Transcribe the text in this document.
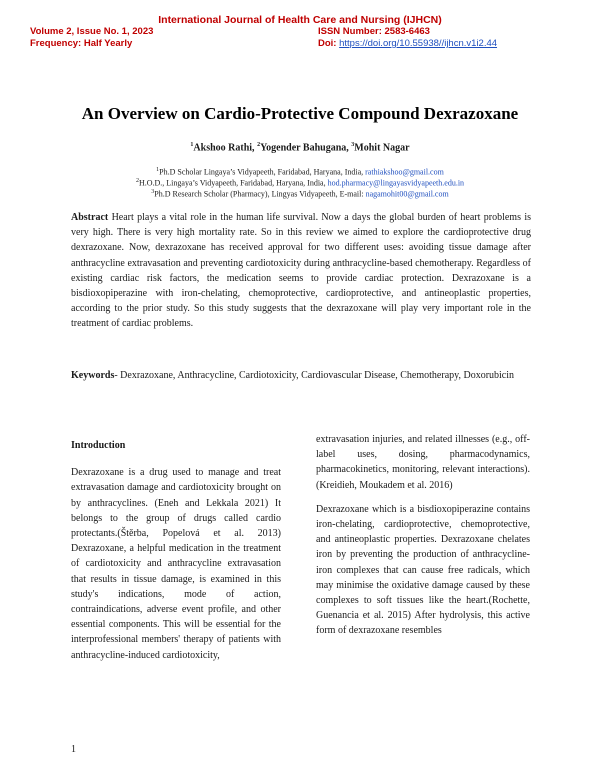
International Journal of Health Care and Nursing (IJHCN)
Volume 2, Issue No. 1, 2023	ISSN Number: 2583-6463
Frequency: Half Yearly	Doi: https://doi.org/10.55938//ijhcn.v1i2.44
An Overview on Cardio-Protective Compound Dexrazoxane
$^1$Akshoo Rathi, $^2$Yogender Bahugana, $^3$Mohit Nagar
$^1$Ph.D Scholar Lingaya’s Vidyapeeth, Faridabad, Haryana, India, rathiakshoo@gmail.com
$^2$H.O.D., Lingaya’s Vidyapeeth, Faridabad, Haryana, India, hod.pharmacy@lingayasvidyapeeth.edu.in
$^3$Ph.D Research Scholar (Pharmacy), Lingyas Vidyapeeth, E-mail: nagamohit00@gmail.com
Abstract Heart plays a vital role in the human life survival. Now a days the global burden of heart problems is very high. There is very high mortality rate. So in this review we aimed to explore the cardioprotective drug dexrazoxane. Now, dexrazoxane has received approval for two different uses: avoiding tissue damage after anthracycline extravasation and preventing cardiotoxicity during anthracycline-based chemotherapy. Regardless of existing cardiac risk factors, the medication seems to provide cardiac protection. Dexrazoxane is a bisdioxopiperazine with iron-chelating, chemoprotective, cardioprotective, and antineoplastic properties, according to the prior study. So this study suggests that the dexrazoxane will play very important role in the treatment of cardiac problems.
Keywords- Dexrazoxane, Anthracycline, Cardiotoxicity, Cardiovascular Disease, Chemotherapy, Doxorubicin
Introduction

Dexrazoxane is a drug used to manage and treat extravasation damage and cardiotoxicity brought on by anthracyclines. (Eneh and Lekkala 2021) It belongs to the group of drugs called cardio protectants.(Štěrba, Popelová et al. 2013) Dexrazoxane, a helpful medication in the treatment of cardiotoxicity and anthracycline extravasation that results in tissue damage, is examined in this study's indications, mode of action, contraindications, adverse event profile, and other essential components. This will be essential for the interprofessional members' therapy of patients with anthracycline-induced cardiotoxicity,

extravasation injuries, and related illnesses (e.g., off-label uses, dosing, pharmacodynamics, pharmacokinetics, monitoring, relevant interactions).(Kreidieh, Moukadem et al. 2016)

Dexrazoxane which is a bisdioxopiperazine contains iron-chelating, cardioprotective, chemoprotective, and antineoplastic properties. Dexrazoxane chelates iron by preventing the production of anthracycline-iron complexes that can cause free radicals, which may minimise the oxidative damage caused by these complexes to soft tissues like the heart.(Rochette, Guenancia et al. 2015) After hydrolysis, this active form of dexrazoxane resembles

1
